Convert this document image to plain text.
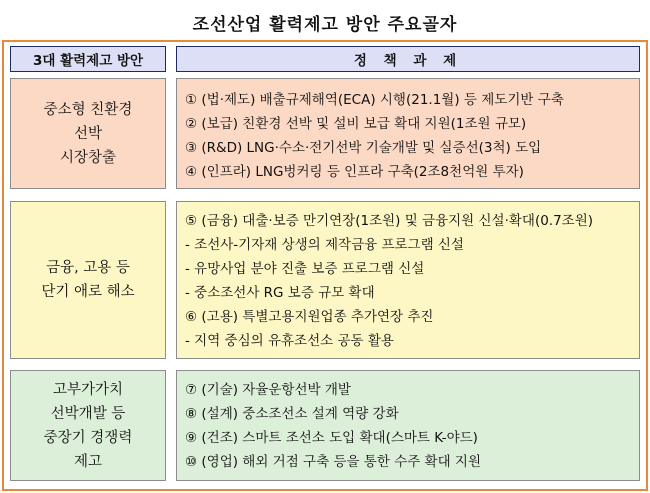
조선산업 활력제고 방안 주요골자
3대 활력제고 방안	정 책 과 제
중소형 친환경
선박
시장창출
① (법·제도) 배출규제해역(ECA) 시행(21.1월) 등 제도기반 구축
② (보급) 친환경 선박 및 설비 보급 확대 지원(1조원 규모)
③ (R&D) LNG·수소·전기선박 기술개발 및 실증선(3척) 도입
④ (인프라) LNG벙커링 등 인프라 구축(2조8천억원 투자)
금융, 고용 등
단기 애로 해소
⑤ (금융) 대출·보증 만기연장(1조원) 및 금융지원 신설·확대(0.7조원)
- 조선사-기자재 상생의 제작금융 프로그램 신설
- 유망사업 분야 진출 보증 프로그램 신설
- 중소조선사 RG 보증 규모 확대
⑥ (고용) 특별고용지원업종 추가연장 추진
- 지역 중심의 유휴조선소 공동 활용
고부가가치
선박개발 등
중장기 경쟁력
제고
⑦ (기술) 자율운항선박 개발
⑧ (설계) 중소조선소 설계 역량 강화
⑨ (건조) 스마트 조선소 도입 확대(스마트 K-야드)
⑩ (영업) 해외 거점 구축 등을 통한 수주 확대 지원
